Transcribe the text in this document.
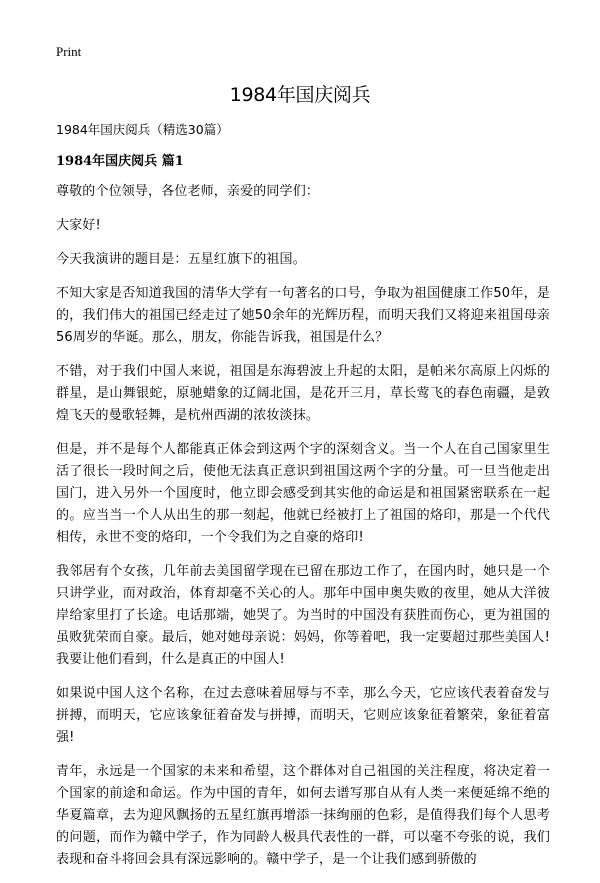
Print
1984年国庆阅兵
1984年国庆阅兵（精选30篇）
1984年国庆阅兵 篇1

尊敬的个位领导，各位老师，亲爱的同学们：

大家好!

今天我演讲的题目是：五星红旗下的祖国。

不知大家是否知道我国的清华大学有一句著名的口号，争取为祖国健康工作50年，是的，我们伟大的祖国已经走过了她50余年的光辉历程，而明天我们又将迎来祖国母亲56周岁的华诞。那么，朋友，你能告诉我，祖国是什么？

不错，对于我们中国人来说，祖国是东海碧波上升起的太阳，是帕米尔高原上闪烁的群星，是山舞银蛇，原驰蜡象的辽阔北国，是花开三月，草长莺飞的春色南疆，是敦煌飞天的曼歌轻舞，是杭州西湖的浓妆淡抹。

但是，并不是每个人都能真正体会到这两个字的深刻含义。当一个人在自己国家里生活了很长一段时间之后，使他无法真正意识到祖国这两个字的分量。可一旦当他走出国门，进入另外一个国度时，他立即会感受到其实他的命运是和祖国紧密联系在一起的。应当当一个人从出生的那一刻起，他就已经被打上了祖国的烙印，那是一个代代相传，永世不变的烙印，一个令我们为之自豪的烙印!

我邻居有个女孩，几年前去美国留学现在已留在那边工作了，在国内时，她只是一个只讲学业，而对政治，体育却毫不关心的人。那年中国申奥失败的夜里，她从大洋彼岸给家里打了长途。电话那端，她哭了。为当时的中国没有获胜而伤心，更为祖国的虽败犹荣而自豪。最后，她对她母亲说：妈妈，你等着吧，我一定要超过那些美国人!我要让他们看到，什么是真正的中国人!

如果说中国人这个名称，在过去意味着屈辱与不幸，那么今天，它应该代表着奋发与拼搏，而明天，它应该象征着奋发与拼搏，而明天，它则应该象征着繁荣，象征着富强!

青年，永远是一个国家的未来和希望，这个群体对自己祖国的关注程度，将决定着一个国家的前途和命运。作为中国的青年，如何去谱写那自从有人类一来便延绵不绝的华夏篇章，去为迎风飘扬的五星红旗再增添一抹绚丽的色彩，是值得我们每个人思考的问题，而作为赣中学子，作为同龄人极具代表性的一群，可以毫不夸张的说，我们表现和奋斗将回会具有深远影响的。赣中学子，是一个让我们感到骄傲的
